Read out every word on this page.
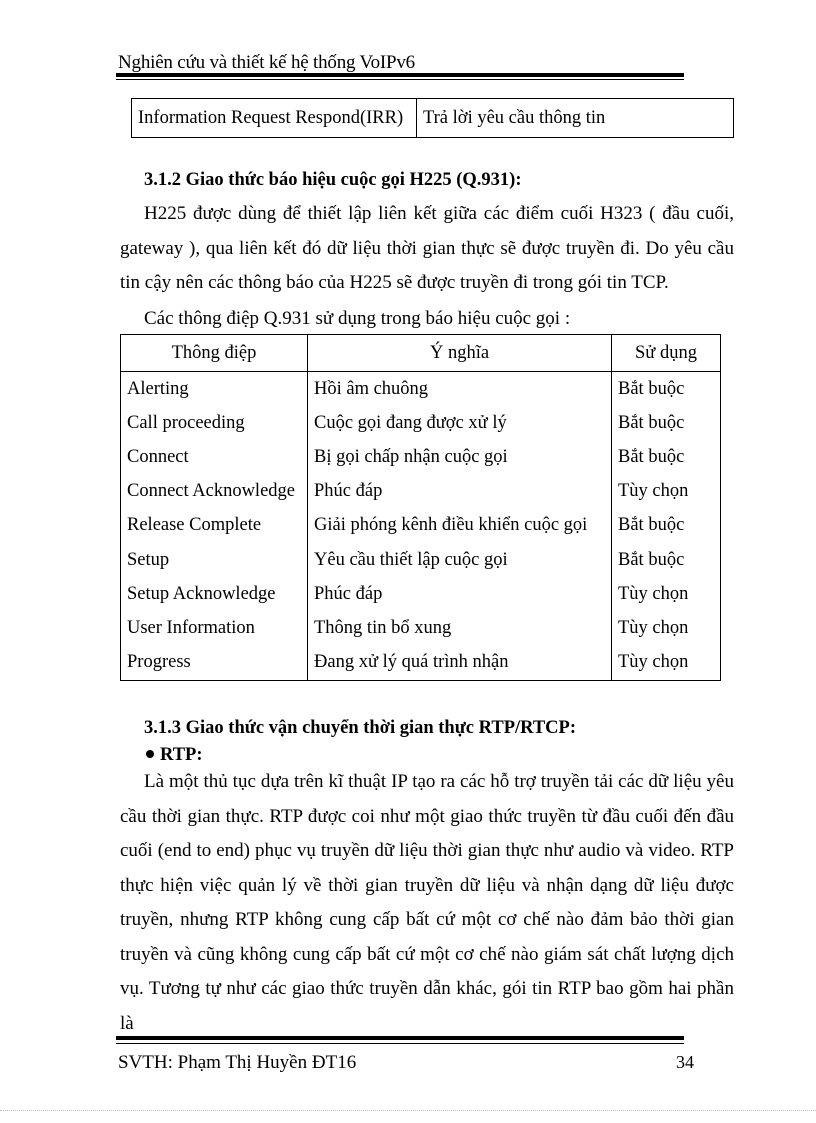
Nghiên cứu và thiết kế hệ thống VoIPv6
Information Request Respond(IRR)	Trả lời yêu cầu thông tin
3.1.2 Giao thức báo hiệu cuộc gọi H225 (Q.931):
H225 được dùng để thiết lập liên kết giữa các điểm cuối H323 ( đầu cuối, gateway ), qua liên kết đó dữ liệu thời gian thực sẽ được truyền đi. Do yêu cầu tin cậy nên các thông báo của H225 sẽ được truyền đi trong gói tin TCP.
Các thông điệp Q.931 sử dụng trong báo hiệu cuộc gọi :
Thông điệp	Ý nghĩa	Sử dụng
Alerting	Hồi âm chuông	Bắt buộc
Call proceeding	Cuộc gọi đang được xử lý	Bắt buộc
Connect	Bị gọi chấp nhận cuộc gọi	Bắt buộc
Connect Acknowledge	Phúc đáp	Tùy chọn
Release Complete	Giải phóng kênh điều khiển cuộc gọi	Bắt buộc
Setup	Yêu cầu thiết lập cuộc gọi	Bắt buộc
Setup Acknowledge	Phúc đáp	Tùy chọn
User Information	Thông tin bổ xung	Tùy chọn
Progress	Đang xử lý quá trình nhận	Tùy chọn
3.1.3 Giao thức vận chuyển thời gian thực RTP/RTCP:
RTP:
Là một thủ tục dựa trên kĩ thuật IP tạo ra các hỗ trợ truyền tải các dữ liệu yêu cầu thời gian thực. RTP được coi như một giao thức truyền từ đầu cuối đến đầu cuối (end to end) phục vụ truyền dữ liệu thời gian thực như audio và video. RTP thực hiện việc quản lý về thời gian truyền dữ liệu và nhận dạng dữ liệu được truyền, nhưng RTP không cung cấp bất cứ một cơ chế nào đảm bảo thời gian truyền và cũng không cung cấp bất cứ một cơ chế nào giám sát chất lượng dịch vụ. Tương tự như các giao thức truyền dẫn khác, gói tin RTP bao gồm hai phần là
SVTH: Phạm Thị Huyền ĐT16	34
